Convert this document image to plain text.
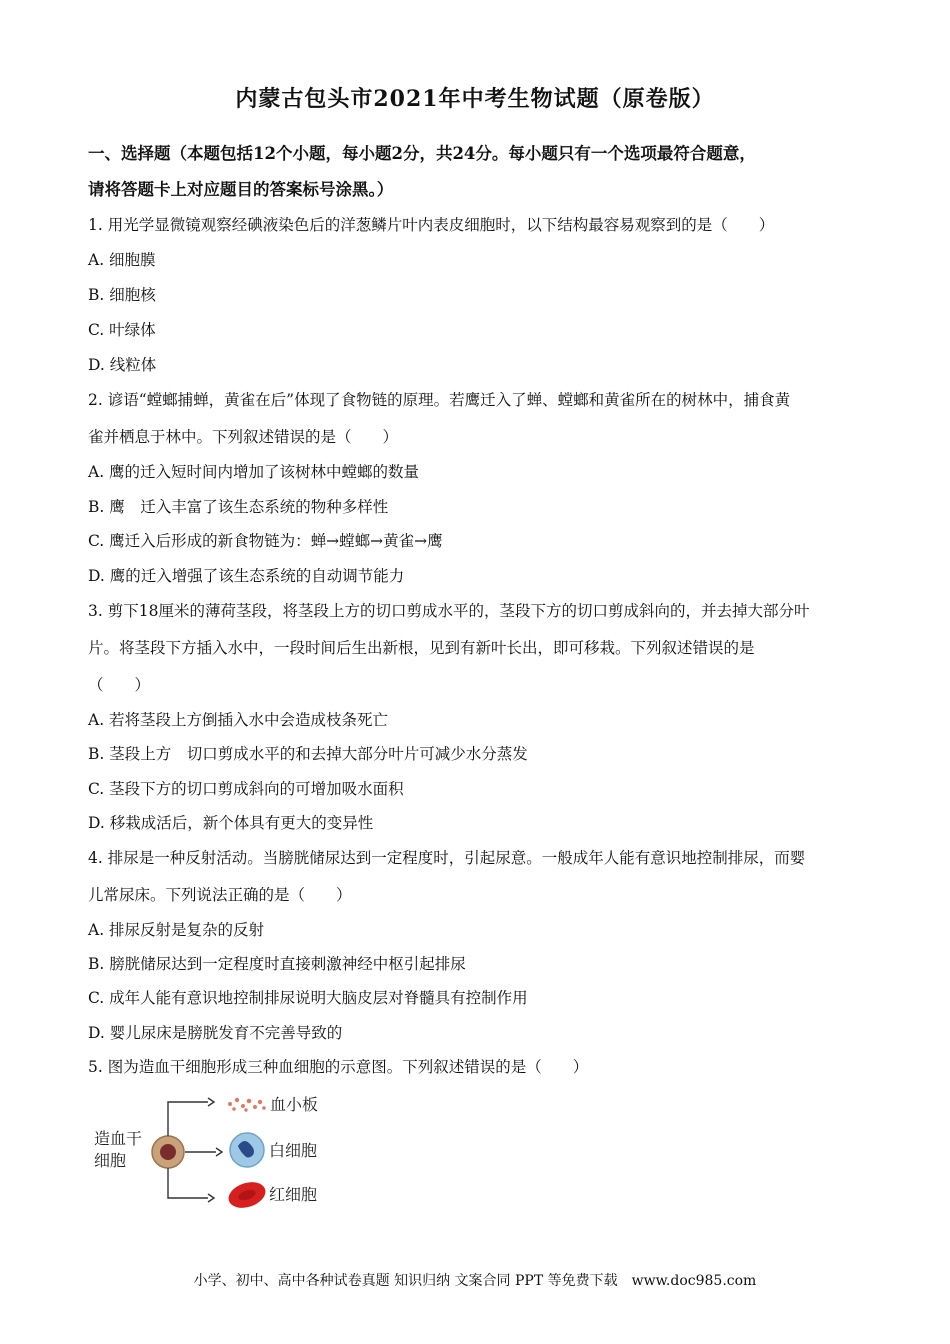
内蒙古包头市2021年中考生物试题（原卷版）
一、选择题（本题包括12个小题，每小题2分，共24分。每小题只有一个选项最符合题意，
请将答题卡上对应题目的答案标号涂黑。）
1. 用光学显微镜观察经碘液染色后的洋葱鳞片叶内表皮细胞时，以下结构最容易观察到的是（　　）
A. 细胞膜
B. 细胞核
C. 叶绿体
D. 线粒体
2. 谚语“螳螂捕蝉，黄雀在后”体现了食物链的原理。若鹰迁入了蝉、螳螂和黄雀所在的树林中，捕食黄
雀并栖息于林中。下列叙述错误的是（　　）
A. 鹰的迁入短时间内增加了该树林中螳螂的数量
B. 鹰　迁入丰富了该生态系统的物种多样性
C. 鹰迁入后形成的新食物链为：蝉→螳螂→黄雀→鹰
D. 鹰的迁入增强了该生态系统的自动调节能力
3. 剪下18厘米的薄荷茎段，将茎段上方的切口剪成水平的，茎段下方的切口剪成斜向的，并去掉大部分叶
片。将茎段下方插入水中，一段时间后生出新根，见到有新叶长出，即可移栽。下列叙述错误的是
（　　）
A. 若将茎段上方倒插入水中会造成枝条死亡
B. 茎段上方　切口剪成水平的和去掉大部分叶片可减少水分蒸发
C. 茎段下方的切口剪成斜向的可增加吸水面积
D. 移栽成活后，新个体具有更大的变异性
4. 排尿是一种反射活动。当膀胱储尿达到一定程度时，引起尿意。一般成年人能有意识地控制排尿，而婴
儿常尿床。下列说法正确的是（　　）
A. 排尿反射是复杂的反射
B. 膀胱储尿达到一定程度时直接刺激神经中枢引起排尿
C. 成年人能有意识地控制排尿说明大脑皮层对脊髓具有控制作用
D. 婴儿尿床是膀胱发育不完善导致的
5. 图为造血干细胞形成三种血细胞的示意图。下列叙述错误的是（　　）
造血干
细胞
血小板
白细胞
红细胞
小学、初中、高中各种试卷真题 知识归纳 文案合同 PPT 等免费下载　www.doc985.com
